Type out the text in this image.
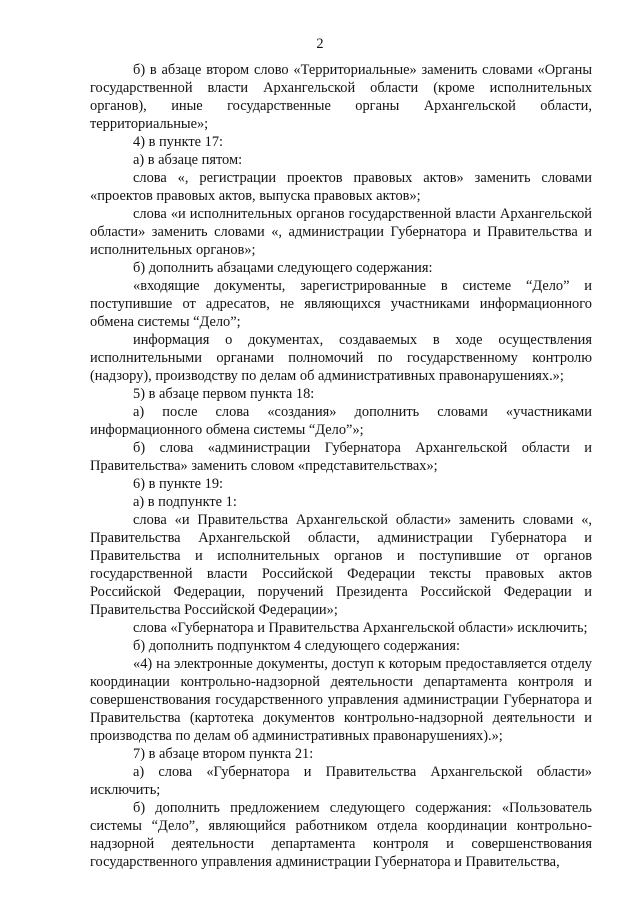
2

б) в абзаце втором слово «Территориальные» заменить словами «Органы государственной власти Архангельской области (кроме исполнительных органов), иные государственные органы Архангельской области, территориальные»;

4) в пункте 17:

а) в абзаце пятом:

слова «, регистрации проектов правовых актов» заменить словами «проектов правовых актов, выпуска правовых актов»;

слова «и исполнительных органов государственной власти Архангельской области» заменить словами «, администрации Губернатора и Правительства и исполнительных органов»;

б) дополнить абзацами следующего содержания:

«входящие документы, зарегистрированные в системе “Дело” и поступившие от адресатов, не являющихся участниками информационного обмена системы “Дело”;

информация о документах, создаваемых в ходе осуществления исполнительными органами полномочий по государственному контролю (надзору), производству по делам об административных правонарушениях.»;

5) в абзаце первом пункта 18:

а) после слова «создания» дополнить словами «участниками информационного обмена системы “Дело”»;

б) слова «администрации Губернатора Архангельской области и Правительства» заменить словом «представительствах»;

6) в пункте 19:

а) в подпункте 1:

слова «и Правительства Архангельской области» заменить словами «, Правительства Архангельской области, администрации Губернатора и Правительства и исполнительных органов и поступившие от органов государственной власти Российской Федерации тексты правовых актов Российской Федерации, поручений Президента Российской Федерации и Правительства Российской Федерации»;

слова «Губернатора и Правительства Архангельской области» исключить;

б) дополнить подпунктом 4 следующего содержания:

«4) на электронные документы, доступ к которым предоставляется отделу координации контрольно-надзорной деятельности департамента контроля и совершенствования государственного управления администрации Губернатора и Правительства (картотека документов контрольно-надзорной деятельности и производства по делам об административных правонарушениях).»;

7) в абзаце втором пункта 21:

а) слова «Губернатора и Правительства Архангельской области» исключить;

б) дополнить предложением следующего содержания: «Пользователь системы “Дело”, являющийся работником отдела координации контрольно-надзорной деятельности департамента контроля и совершенствования государственного управления администрации Губернатора и Правительства,
